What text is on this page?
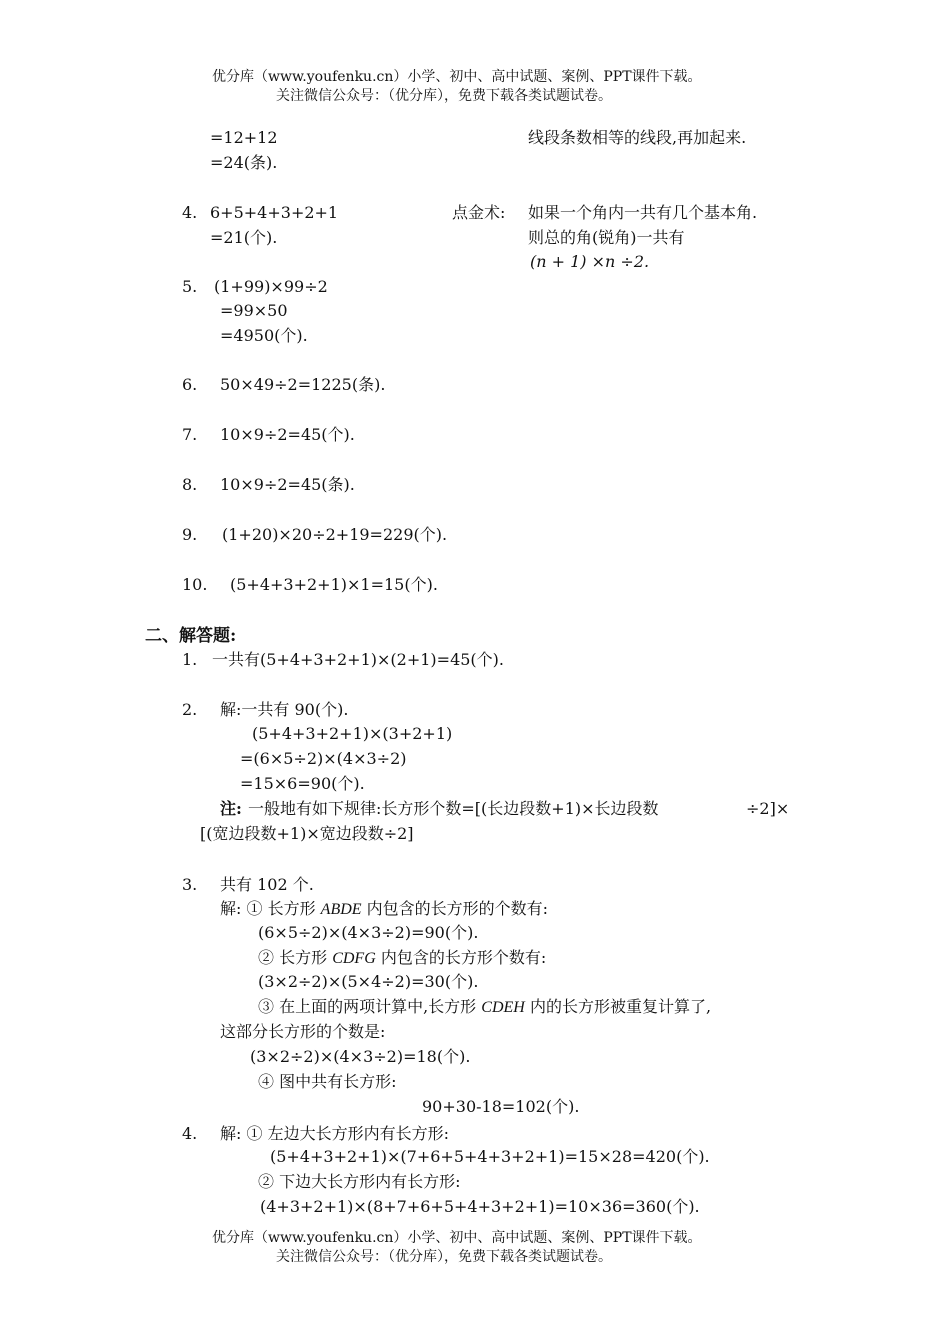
优分库（www.youfenku.cn）小学、初中、高中试题、案例、PPT课件下载。
关注微信公众号：（优分库），免费下载各类试题试卷。
=12+12	线段条数相等的线段,再加起来.
=24(条).
4. 6+5+4+3+2+1	点金术: 如果一个角内一共有几个基本角.
=21(个).	则总的角(锐角)一共有
(n + 1) ×n ÷2.
5. (1+99)×99÷2
=99×50
=4950(个).
6. 50×49÷2=1225(条).
7. 10×9÷2=45(个).
8. 10×9÷2=45(条).
9. (1+20)×20÷2+19=229(个).
10. (5+4+3+2+1)×1=15(个).
二、解答题:
1. 一共有(5+4+3+2+1)×(2+1)=45(个).
2. 解:一共有 90(个).
(5+4+3+2+1)×(3+2+1)
=(6×5÷2)×(4×3÷2)
=15×6=90(个).
注: 一般地有如下规律:长方形个数=[(长边段数+1)×长边段数	÷2]×
[(宽边段数+1)×宽边段数÷2]
3. 共有 102 个.
解: ① 长方形 ABDE 内包含的长方形的个数有:
(6×5÷2)×(4×3÷2)=90(个).
② 长方形 CDFG 内包含的长方形个数有:
(3×2÷2)×(5×4÷2)=30(个).
③ 在上面的两项计算中,长方形 CDEH 内的长方形被重复计算了,
这部分长方形的个数是:
(3×2÷2)×(4×3÷2)=18(个).
④ 图中共有长方形:
90+30-18=102(个).
4. 解: ① 左边大长方形内有长方形:
(5+4+3+2+1)×(7+6+5+4+3+2+1)=15×28=420(个).
② 下边大长方形内有长方形:
(4+3+2+1)×(8+7+6+5+4+3+2+1)=10×36=360(个).
优分库（www.youfenku.cn）小学、初中、高中试题、案例、PPT课件下载。
关注微信公众号：（优分库），免费下载各类试题试卷。
